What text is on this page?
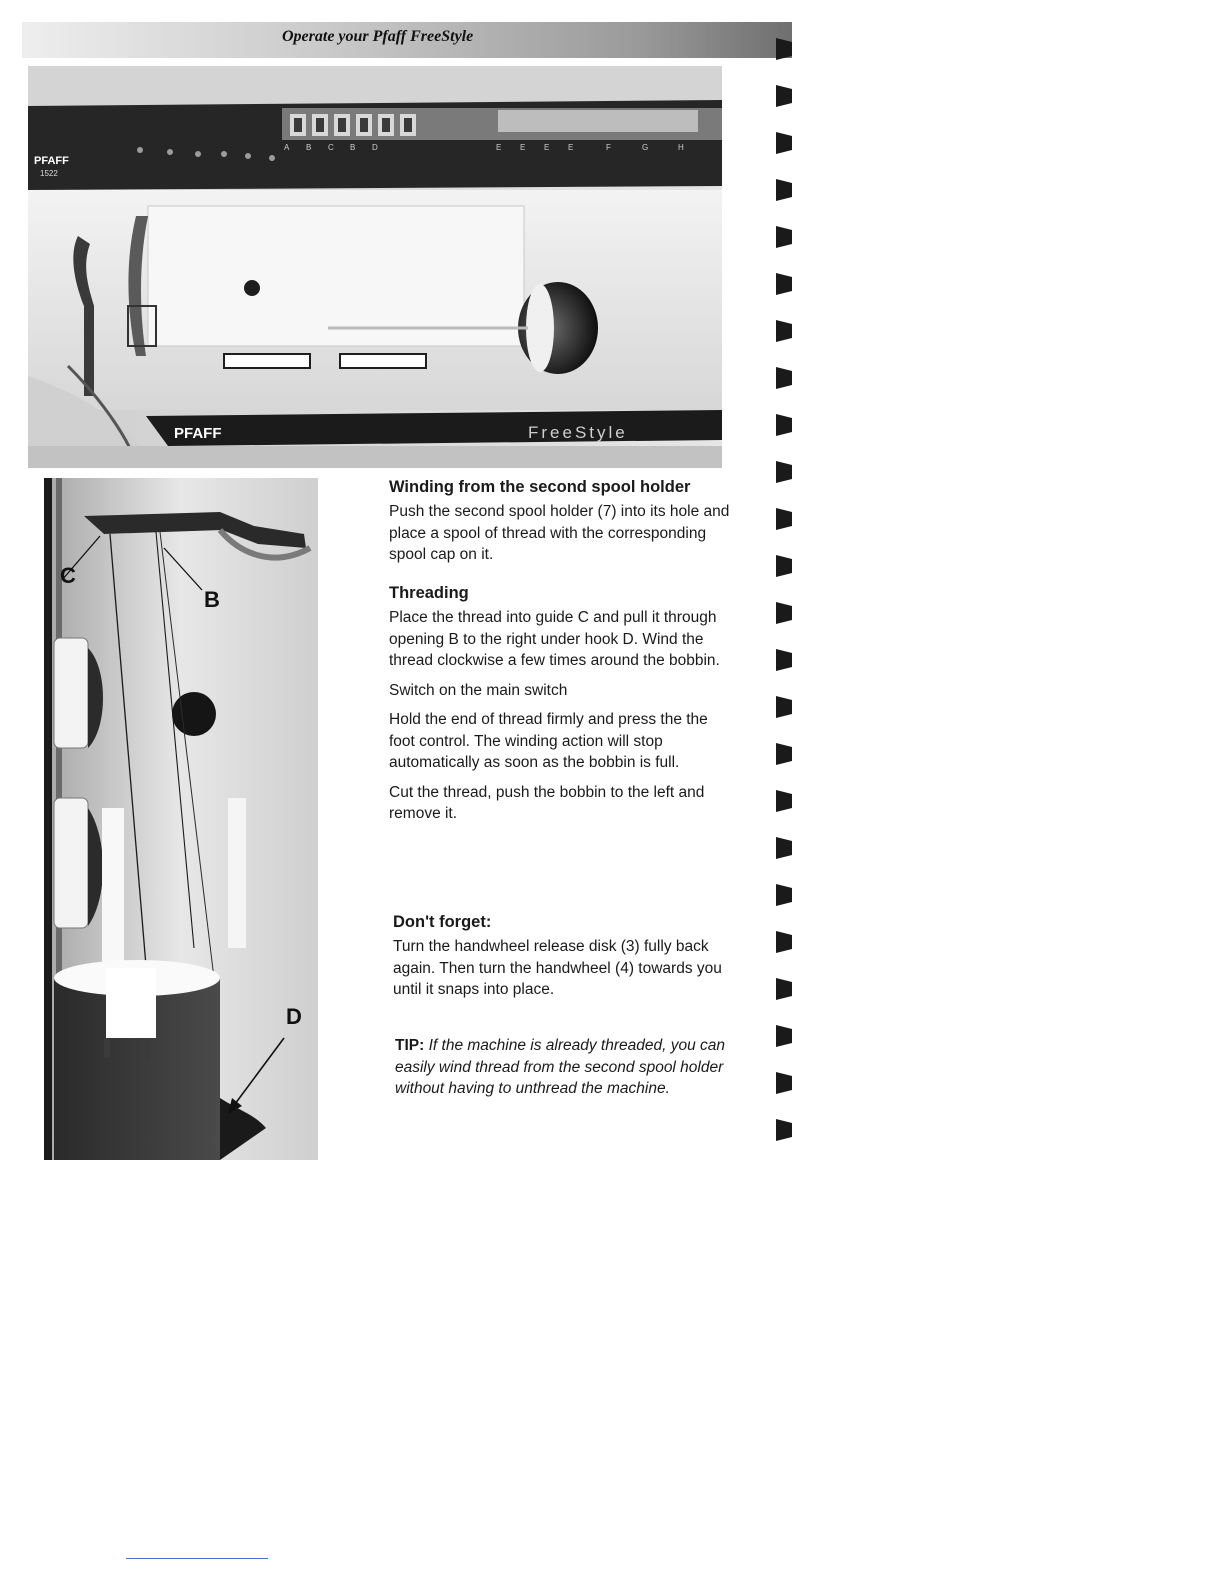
Operate your Pfaff FreeStyle
PFAFF
1522
A B C B D	E E E E	F	G	H
PFAFF	FreeStyle
C
B
D
Winding from the second spool holder
Push the second spool holder (7) into its hole and place a spool of thread with the corresponding spool cap on it.
Threading
Place the thread into guide C and pull it through opening B to the right under hook D. Wind the thread clockwise a few times around the bobbin.
Switch on the main switch
Hold the end of thread firmly and press the the foot control. The winding action will stop automatically as soon as the bobbin is full.
Cut the thread, push the bobbin to the left and remove it.
Don't forget:
Turn the handwheel release disk (3) fully back again. Then turn the handwheel (4) towards you until it snaps into place.
TIP: If the machine is already threaded, you can easily wind thread from the second spool holder without having to unthread the machine.
